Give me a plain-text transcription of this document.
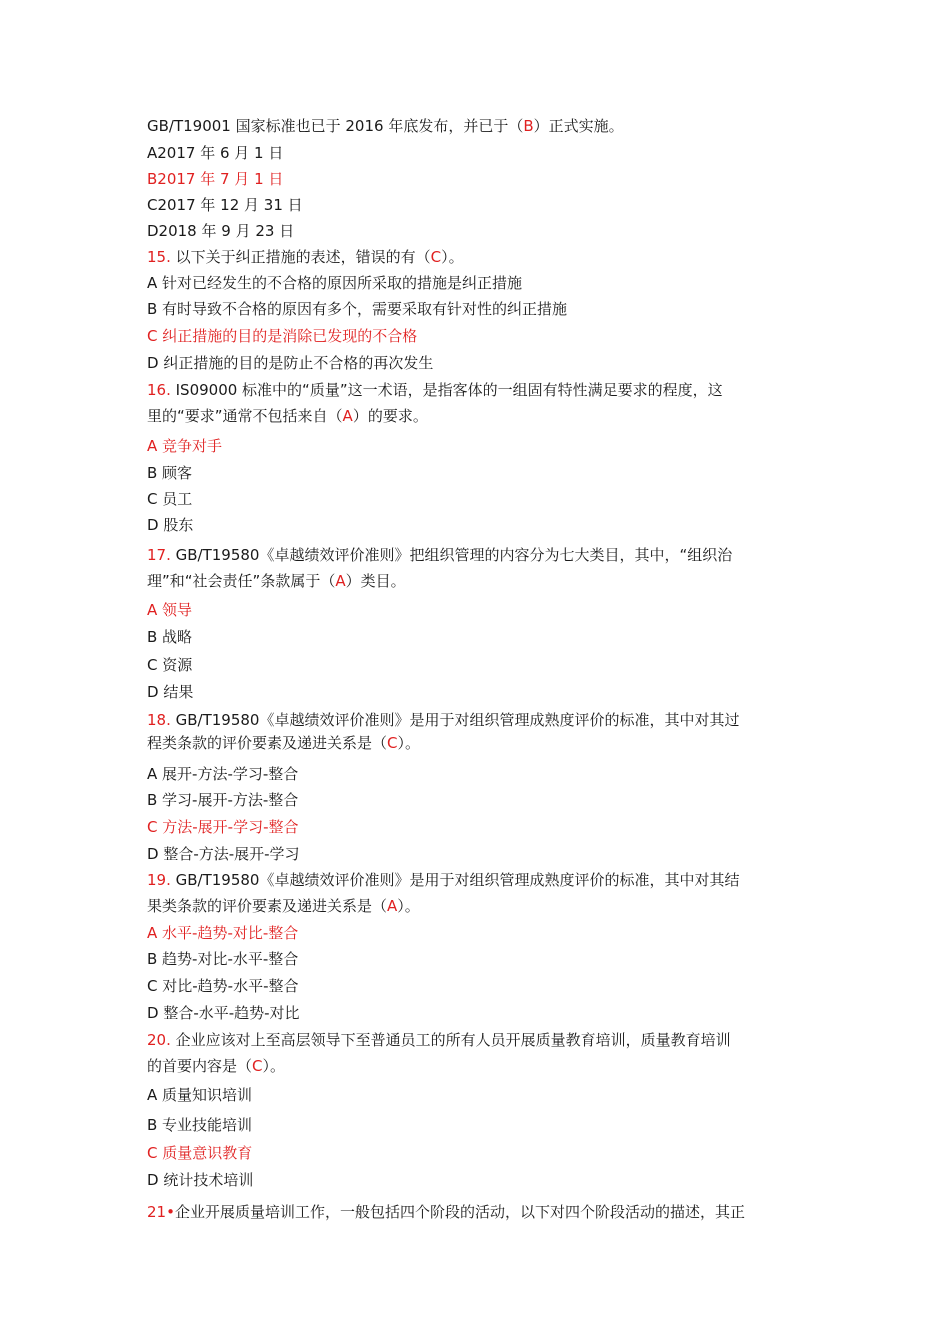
GB/T19001 国家标准也已于 2016 年底发布，并已于（B）正式实施。
A2017 年 6 月 1 日
B2017 年 7 月 1 日
C2017 年 12 月 31 日
D2018 年 9 月 23 日
15. 以下关于纠正措施的表述，错误的有（C）。
A 针对已经发生的不合格的原因所采取的措施是纠正措施
B 有时导致不合格的原因有多个，需要采取有针对性的纠正措施
C 纠正措施的目的是消除已发现的不合格
D 纠正措施的目的是防止不合格的再次发生
16. IS09000 标准中的“质量”这一术语，是指客体的一组固有特性满足要求的程度，这
里的“要求”通常不包括来自（A）的要求。
A 竞争对手
B 顾客
C 员工
D 股东
17. GB/T19580《卓越绩效评价准则》把组织管理的内容分为七大类目，其中，“组织治
理”和“社会责任”条款属于（A）类目。
A 领导
B 战略
C 资源
D 结果
18. GB/T19580《卓越绩效评价准则》是用于对组织管理成熟度评价的标准，其中对其过
程类条款的评价要素及递进关系是（C）。
A 展开-方法-学习-整合
B 学习-展开-方法-整合
C 方法-展开-学习-整合
D 整合-方法-展开-学习
19. GB/T19580《卓越绩效评价准则》是用于对组织管理成熟度评价的标准，其中对其结
果类条款的评价要素及递进关系是（A）。
A 水平-趋势-对比-整合
B 趋势-对比-水平-整合
C 对比-趋势-水平-整合
D 整合-水平-趋势-对比
20. 企业应该对上至高层领导下至普通员工的所有人员开展质量教育培训，质量教育培训
的首要内容是（C）。
A 质量知识培训
B 专业技能培训
C 质量意识教育
D 统计技术培训
21•企业开展质量培训工作，一般包括四个阶段的活动，以下对四个阶段活动的描述，其正
